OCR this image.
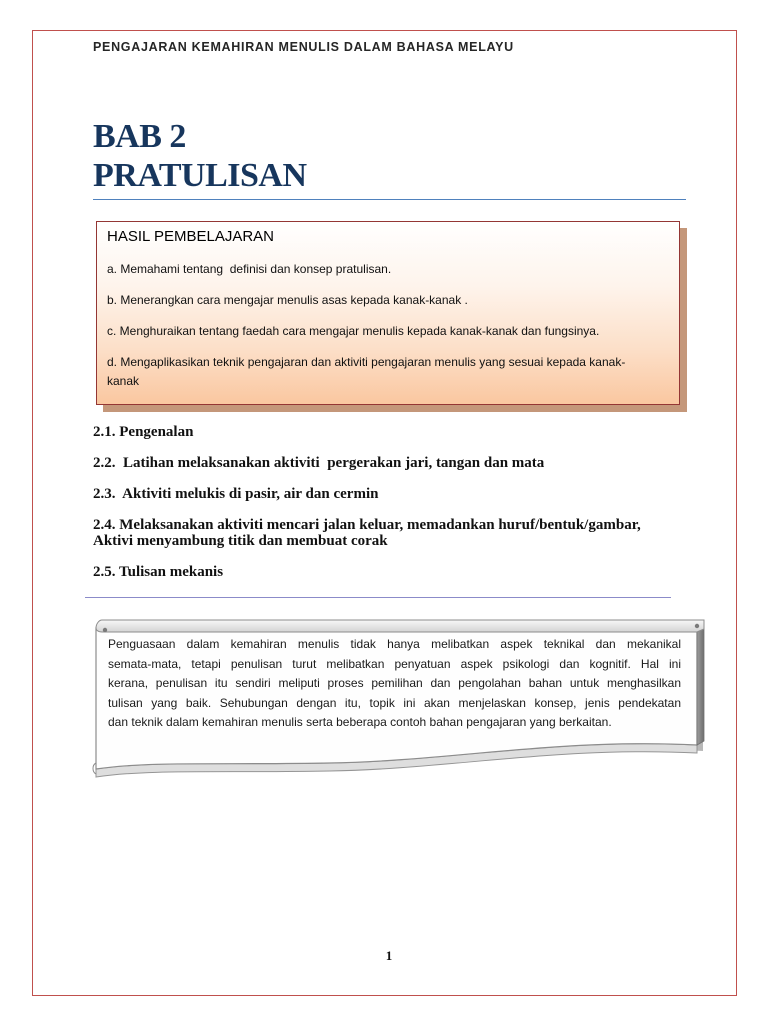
PENGAJARAN KEMAHIRAN MENULIS DALAM BAHASA MELAYU
BAB 2
PRATULISAN
HASIL PEMBELAJARAN
a. Memahami tentang  definisi dan konsep pratulisan.
b. Menerangkan cara mengajar menulis asas kepada kanak-kanak .
c. Menghuraikan tentang faedah cara mengajar menulis kepada kanak-kanak dan fungsinya.
d. Mengaplikasikan teknik pengajaran dan aktiviti pengajaran menulis yang sesuai kepada kanak-kanak
2.1. Pengenalan
2.2.  Latihan melaksanakan aktiviti  pergerakan jari, tangan dan mata
2.3.  Aktiviti melukis di pasir, air dan cermin
2.4. Melaksanakan aktiviti mencari jalan keluar, memadankan huruf/bentuk/gambar,
Aktivi menyambung titik dan membuat corak
2.5. Tulisan mekanis
Penguasaan dalam kemahiran menulis tidak hanya melibatkan aspek teknikal dan mekanikal
semata-mata, tetapi penulisan turut melibatkan penyatuan aspek psikologi dan kognitif. Hal ini
kerana, penulisan itu sendiri meliputi proses pemilihan dan pengolahan bahan untuk menghasilkan
tulisan yang baik. Sehubungan dengan itu, topik ini akan menjelaskan konsep, jenis pendekatan
dan teknik dalam kemahiran menulis serta beberapa contoh bahan pengajaran yang berkaitan.
1
